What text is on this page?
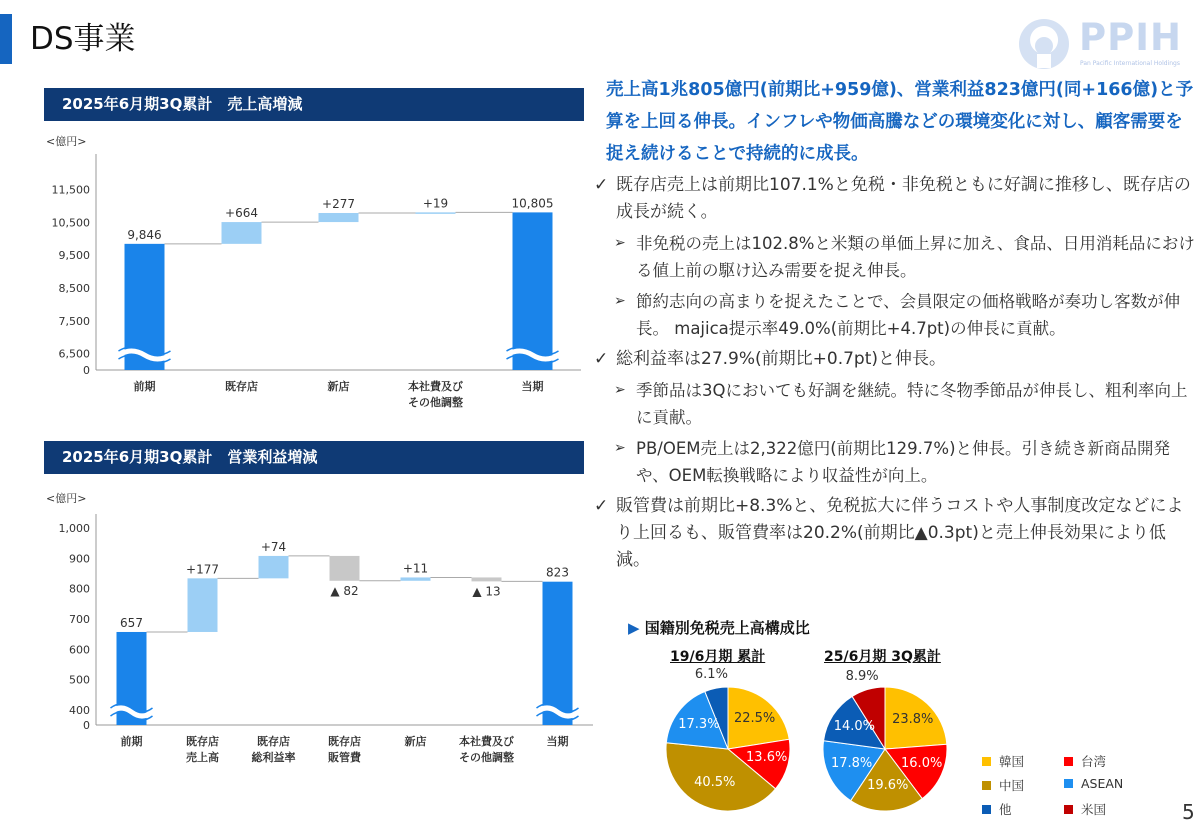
DS事業	PPIH
Pan Pacific International Holdings
2025年6月期3Q累計　売上高増減
<億円>
0
6,500
7,500
8,500
9,500
10,500
11,500
9,846
前期
+664
既存店
+277
新店
+19
本社費及び
その他調整
10,805
当期
2025年6月期3Q累計　営業利益増減
<億円>
0
400
500
600
700
800
900
1,000
657
前期
+177
既存店
売上高
+74
既存店
総利益率
▲ 82
既存店
販管費
+11
新店
▲ 13
本社費及び
その他調整
823
当期
売上高1兆805億円(前期比+959億)、営業利益823億円(同+166億)と予算を上回る伸長。インフレや物価高騰などの環境変化に対し、顧客需要を捉え続けることで持続的に成長。
✓ 既存店売上は前期比107.1%と免税・非免税ともに好調に推移し、既存店の成長が続く。
➢ 非免税の売上は102.8%と米類の単価上昇に加え、食品、日用消耗品における値上前の駆け込み需要を捉え伸長。
➢ 節約志向の高まりを捉えたことで、会員限定の価格戦略が奏功し客数が伸長。 majica提示率49.0%(前期比+4.7pt)の伸長に貢献。
✓ 総利益率は27.9%(前期比+0.7pt)と伸長。
➢ 季節品は3Qにおいても好調を継続。特に冬物季節品が伸長し、粗利率向上に貢献。
➢ PB/OEM売上は2,322億円(前期比129.7%)と伸長。引き続き新商品開発や、OEM転換戦略により収益性が向上。
✓ 販管費は前期比+8.3%と、免税拡大に伴うコストや人事制度改定などにより上回るも、販管費率は20.2%(前期比▲0.3pt)と売上伸長効果により低減。
▶ 国籍別免税売上高構成比
19/6月期 累計	25/6月期 3Q累計
22.5%
13.6%
40.5%
17.3%
6.1%
23.8%
16.0%
19.6%
17.8%
14.0%
8.9%
韓国	台湾
中国	ASEAN
他	米国	5
